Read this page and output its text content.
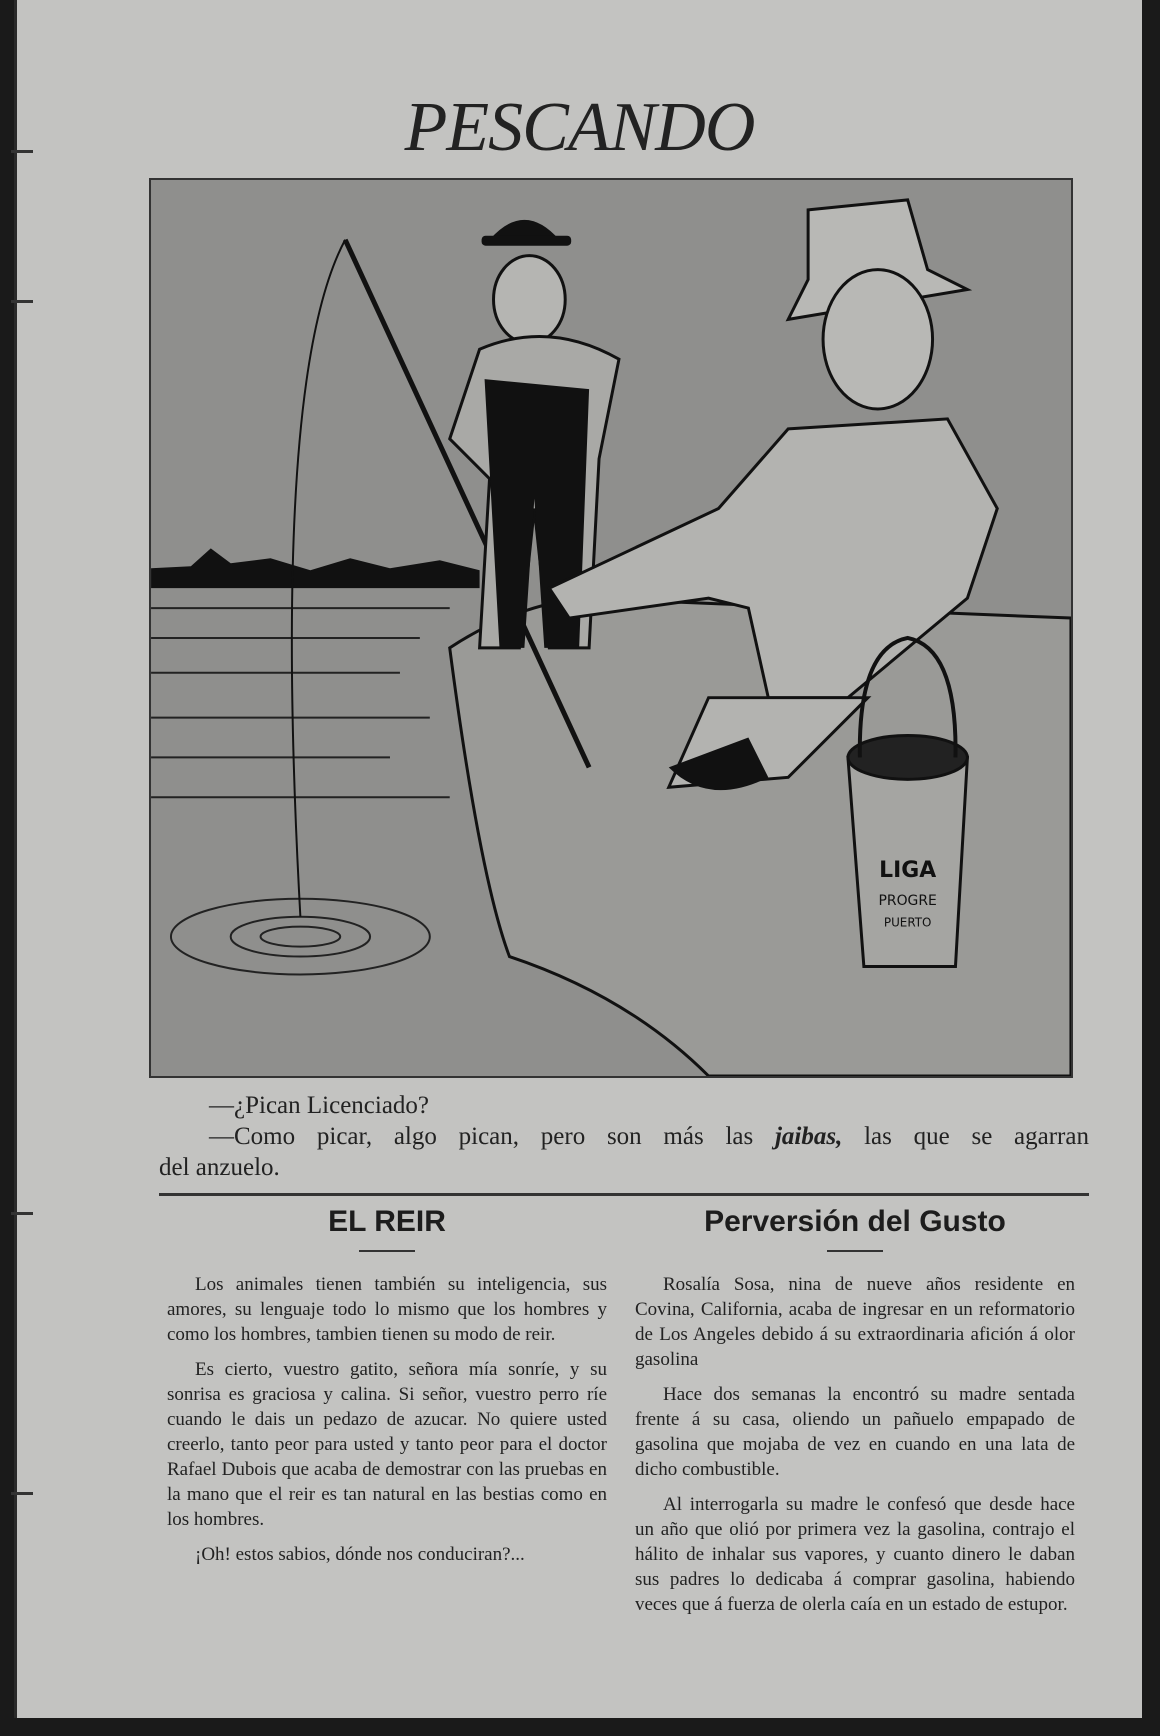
PESCANDO
LIGA
PROGRE
PUERTO

—¿Pican Licenciado?

—Como picar, algo pican, pero son más las jaibas, las que se agarran

del anzuelo.

EL REIR

Los animales tienen también su inteligencia, sus amores, su lenguaje todo lo mismo que los hombres y como los hombres, tambien tienen su modo de reir.

Es cierto, vuestro gatito, señora mía sonríe, y su sonrisa es graciosa y calina. Si señor, vuestro perro ríe cuando le dais un pedazo de azucar. No quiere usted creerlo, tanto peor para usted y tanto peor para el doctor Rafael Dubois que acaba de demostrar con las pruebas en la mano que el reir es tan natural en las bestias como en los hombres.

¡Oh! estos sabios, dónde nos conduciran?...

Perversión del Gusto

Rosalía Sosa, nina de nueve años residente en Covina, California, acaba de ingresar en un reformatorio de Los Angeles debido á su extraordinaria afición á olor gasolina

Hace dos semanas la encontró su madre sentada frente á su casa, oliendo un pañuelo empapado de gasolina que mojaba de vez en cuando en una lata de dicho combustible.

Al interrogarla su madre le confesó que desde hace un año que olió por primera vez la gasolina, contrajo el hálito de inhalar sus vapores, y cuanto dinero le daban sus padres lo dedicaba á comprar gasolina, habiendo veces que á fuerza de olerla caía en un estado de estupor.
